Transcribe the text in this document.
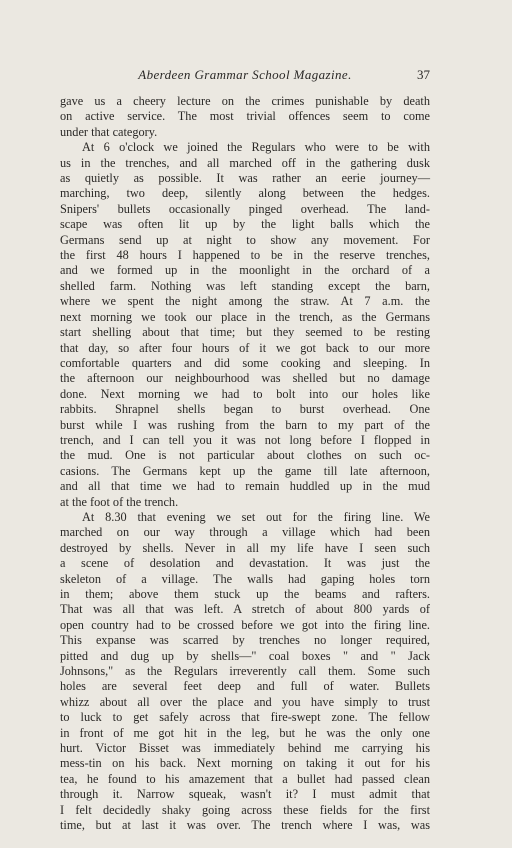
Aberdeen Grammar School Magazine.	37
gave us a cheery lecture on the crimes punishable by death
on active service. The most trivial offences seem to come
under that category.
At 6 o'clock we joined the Regulars who were to be with
us in the trenches, and all marched off in the gathering dusk
as quietly as possible. It was rather an eerie journey—
marching, two deep, silently along between the hedges.
Snipers' bullets occasionally pinged overhead. The land-
scape was often lit up by the light balls which the
Germans send up at night to show any movement. For
the first 48 hours I happened to be in the reserve trenches,
and we formed up in the moonlight in the orchard of a
shelled farm. Nothing was left standing except the barn,
where we spent the night among the straw. At 7 a.m. the
next morning we took our place in the trench, as the Germans
start shelling about that time; but they seemed to be resting
that day, so after four hours of it we got back to our more
comfortable quarters and did some cooking and sleeping. In
the afternoon our neighbourhood was shelled but no damage
done. Next morning we had to bolt into our holes like
rabbits. Shrapnel shells began to burst overhead. One
burst while I was rushing from the barn to my part of the
trench, and I can tell you it was not long before I flopped in
the mud. One is not particular about clothes on such oc-
casions. The Germans kept up the game till late afternoon,
and all that time we had to remain huddled up in the mud
at the foot of the trench.
At 8.30 that evening we set out for the firing line. We
marched on our way through a village which had been
destroyed by shells. Never in all my life have I seen such
a scene of desolation and devastation. It was just the
skeleton of a village. The walls had gaping holes torn
in them; above them stuck up the beams and rafters.
That was all that was left. A stretch of about 800 yards of
open country had to be crossed before we got into the firing line.
This expanse was scarred by trenches no longer required,
pitted and dug up by shells—" coal boxes " and " Jack
Johnsons," as the Regulars irreverently call them. Some such
holes are several feet deep and full of water. Bullets
whizz about all over the place and you have simply to trust
to luck to get safely across that fire-swept zone. The fellow
in front of me got hit in the leg, but he was the only one
hurt. Victor Bisset was immediately behind me carrying his
mess-tin on his back. Next morning on taking it out for his
tea, he found to his amazement that a bullet had passed clean
through it. Narrow squeak, wasn't it? I must admit that
I felt decidedly shaky going across these fields for the first
time, but at last it was over. The trench where I was, was
